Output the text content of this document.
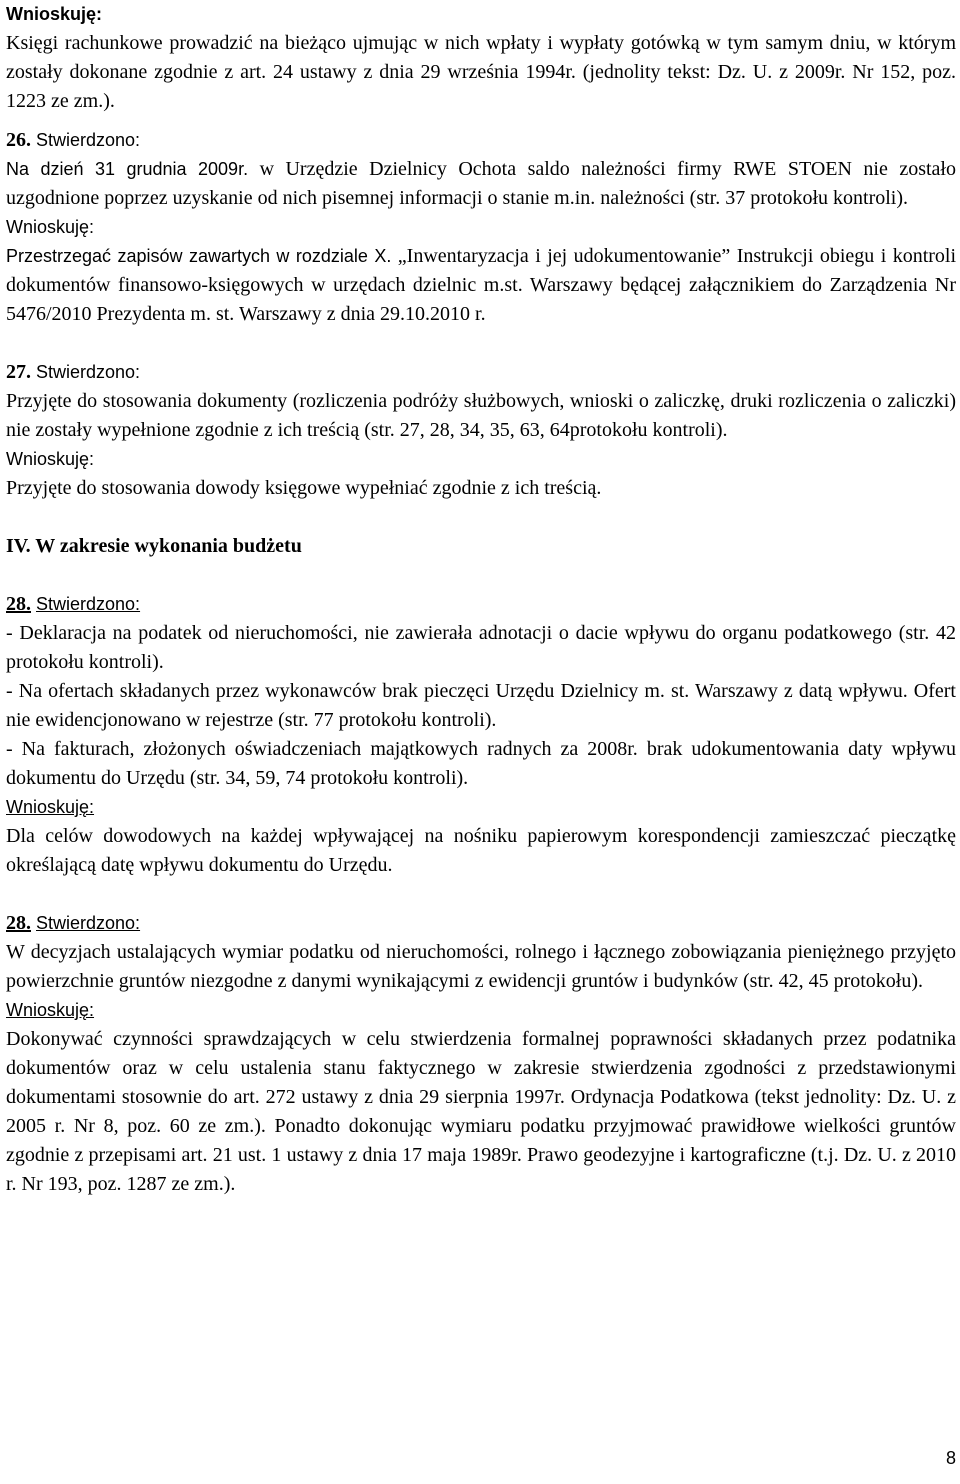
Wnioskuję:

Księgi rachunkowe prowadzić na bieżąco ujmując w nich wpłaty i wypłaty gotówką w tym samym dniu, w którym zostały dokonane zgodnie z art. 24 ustawy z dnia 29 września 1994r. (jednolity tekst: Dz. U. z 2009r. Nr 152, poz. 1223 ze zm.).

26. Stwierdzono:

Na dzień 31 grudnia 2009r. w Urzędzie Dzielnicy Ochota saldo należności firmy RWE STOEN nie zostało uzgodnione poprzez uzyskanie od nich pisemnej informacji o stanie m.in. należności (str. 37 protokołu kontroli).

Wnioskuję:

Przestrzegać zapisów zawartych w rozdziale X. „Inwentaryzacja i jej udokumentowanie” Instrukcji obiegu i kontroli dokumentów finansowo-księgowych w urzędach dzielnic m.st. Warszawy będącej załącznikiem do Zarządzenia Nr 5476/2010 Prezydenta m. st. Warszawy z dnia 29.10.2010 r.

27. Stwierdzono:

Przyjęte do stosowania dokumenty (rozliczenia podróży służbowych, wnioski o zaliczkę, druki rozliczenia o zaliczki) nie zostały wypełnione zgodnie z ich treścią (str. 27, 28, 34, 35, 63, 64protokołu kontroli).

Wnioskuję:

Przyjęte do stosowania dowody księgowe wypełniać zgodnie z ich treścią.

IV. W zakresie wykonania budżetu
28. Stwierdzono:

- Deklaracja na podatek od nieruchomości, nie zawierała adnotacji o dacie wpływu do organu podatkowego (str. 42 protokołu kontroli).

- Na ofertach składanych przez wykonawców brak pieczęci Urzędu Dzielnicy m. st. Warszawy z datą wpływu. Ofert nie ewidencjonowano w rejestrze (str. 77 protokołu kontroli).

- Na fakturach, złożonych oświadczeniach majątkowych radnych za 2008r. brak udokumentowania daty wpływu dokumentu do Urzędu (str. 34, 59, 74 protokołu kontroli).

Wnioskuję:

Dla celów dowodowych na każdej wpływającej na nośniku papierowym korespondencji zamieszczać pieczątkę określającą datę wpływu dokumentu do Urzędu.

28. Stwierdzono:

W decyzjach ustalających wymiar podatku od nieruchomości, rolnego i łącznego zobowiązania pieniężnego przyjęto powierzchnie gruntów niezgodne z danymi wynikającymi z ewidencji gruntów i budynków (str. 42, 45 protokołu).

Wnioskuję:

Dokonywać czynności sprawdzających w celu stwierdzenia formalnej poprawności składanych przez podatnika dokumentów oraz w celu ustalenia stanu faktycznego w zakresie stwierdzenia zgodności z przedstawionymi dokumentami stosownie do art. 272 ustawy z dnia 29 sierpnia 1997r. Ordynacja Podatkowa (tekst jednolity: Dz. U. z 2005 r. Nr 8, poz. 60 ze zm.). Ponadto dokonując wymiaru podatku przyjmować prawidłowe wielkości gruntów zgodnie z przepisami art. 21 ust. 1 ustawy z dnia 17 maja 1989r. Prawo geodezyjne i kartograficzne (t.j. Dz. U. z 2010 r. Nr 193, poz. 1287 ze zm.).

8
